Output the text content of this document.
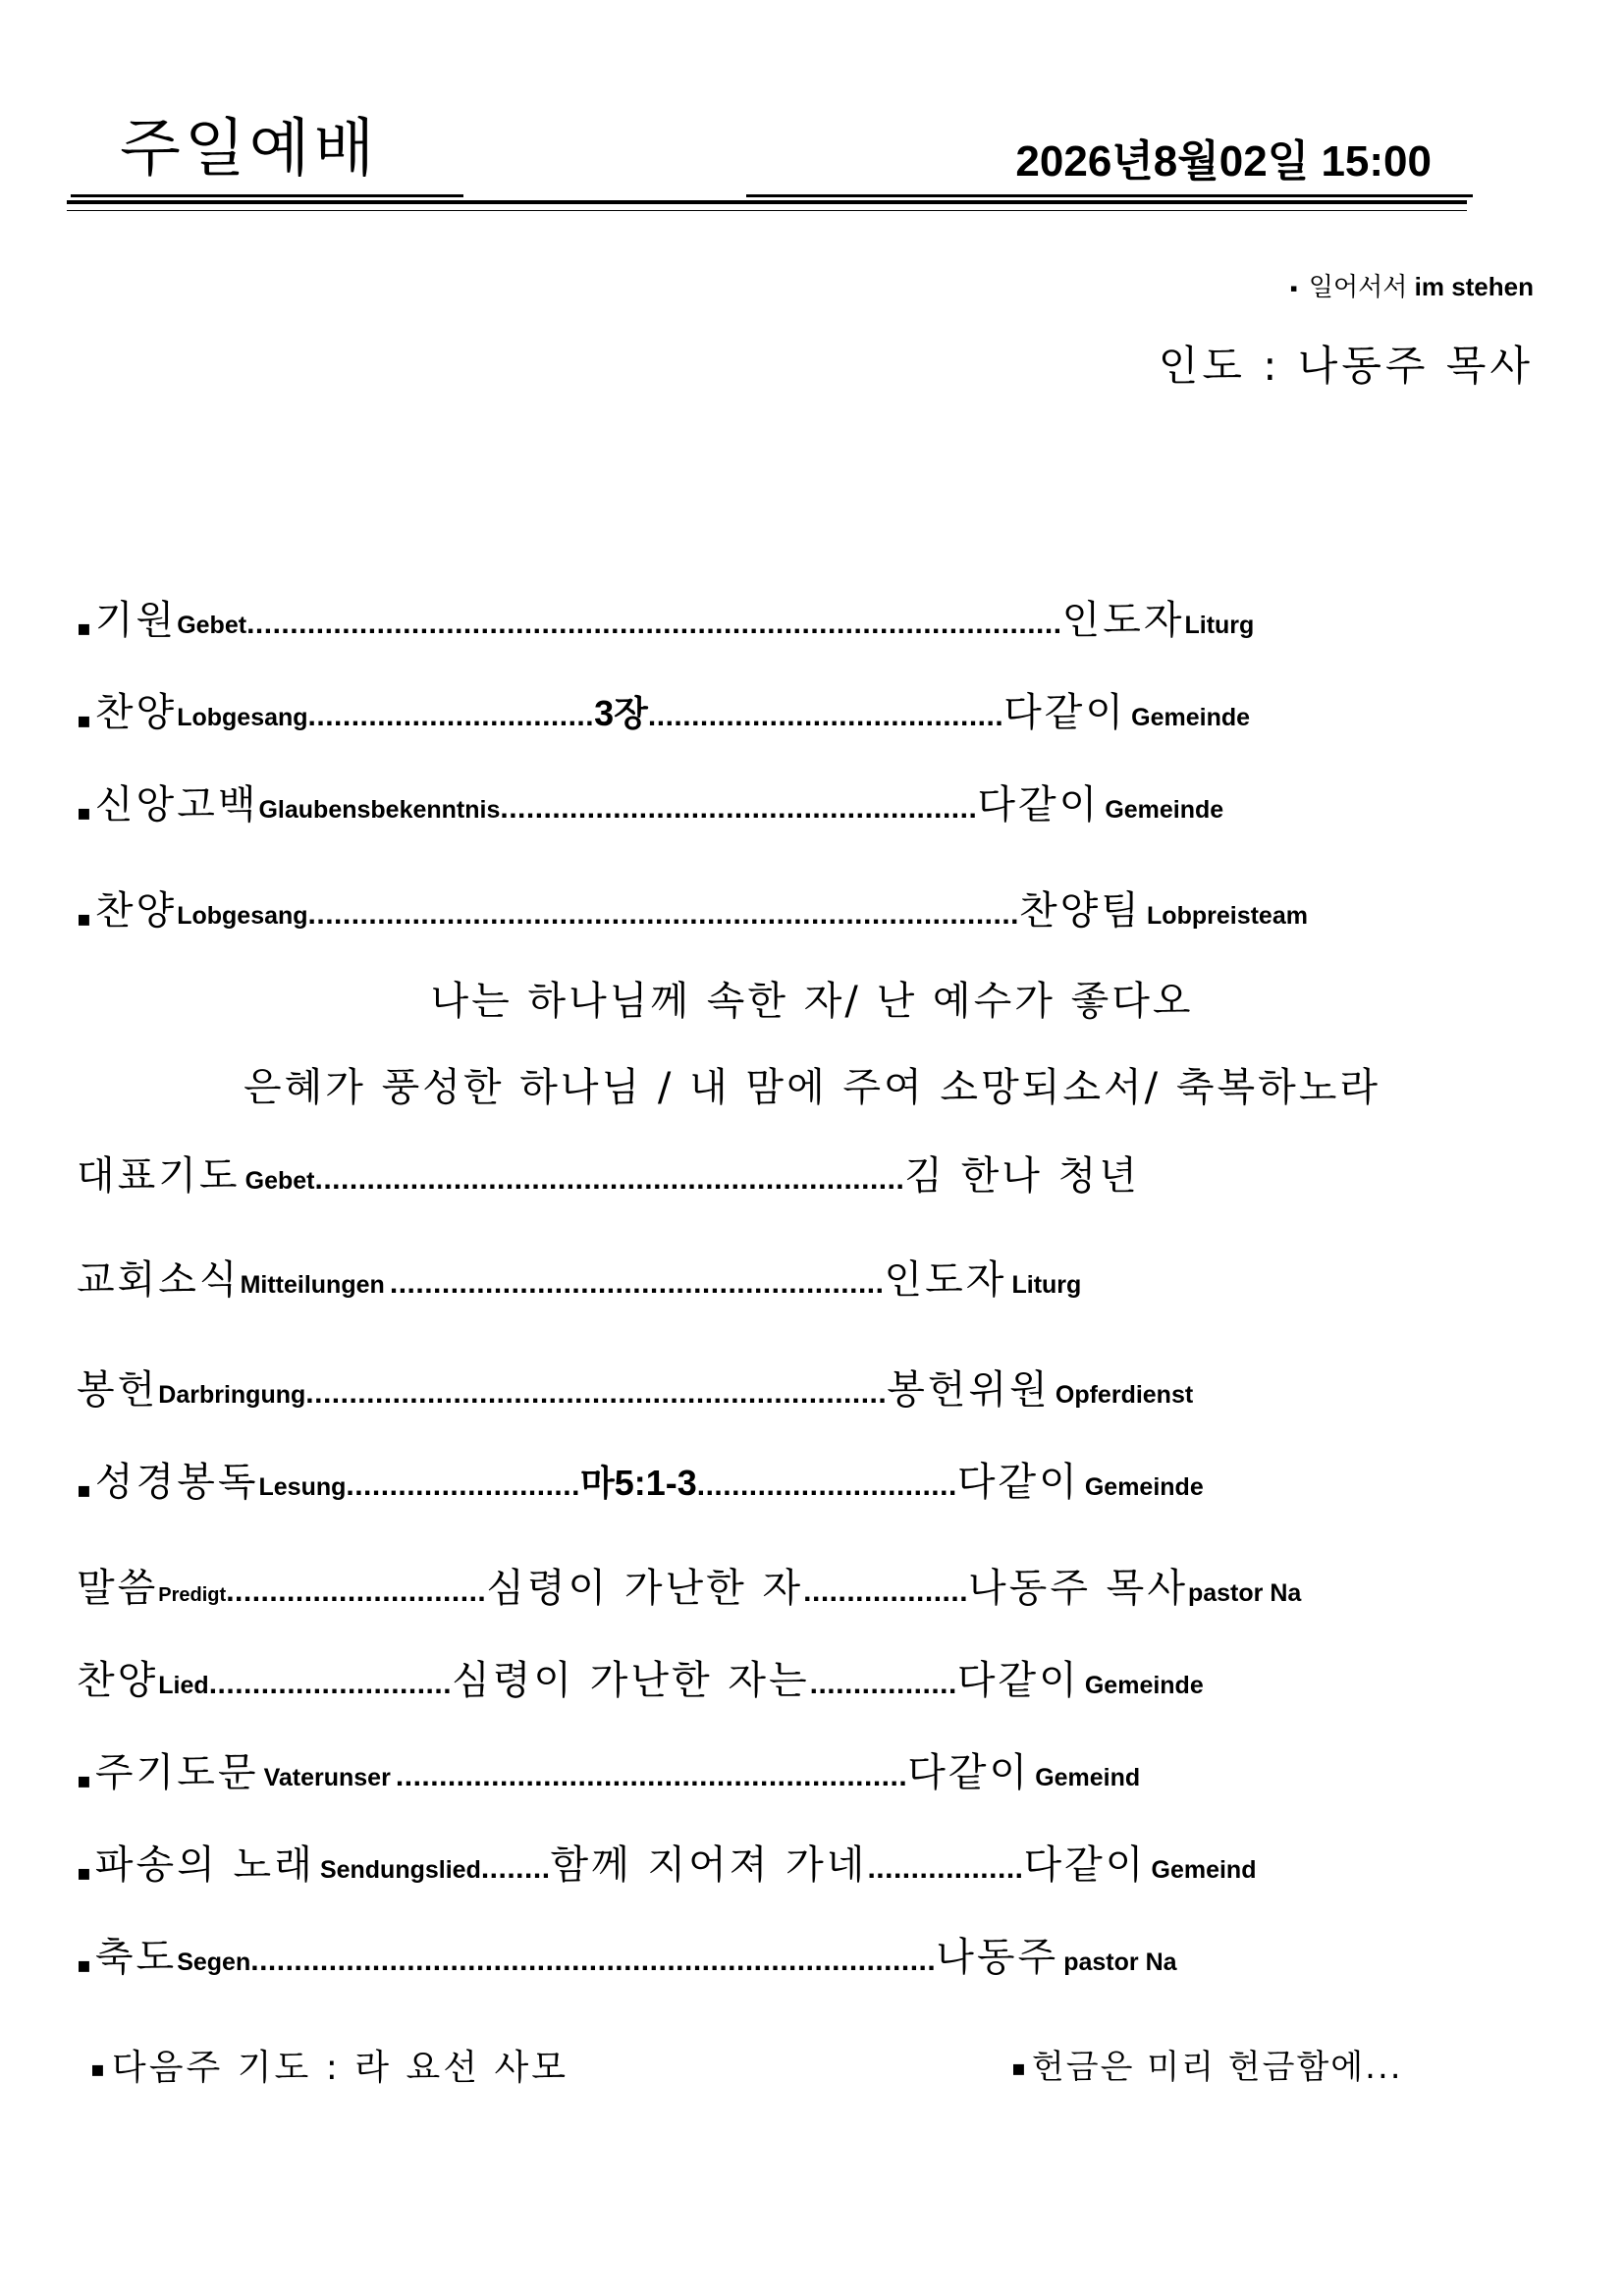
주일예배	2026년8월02일 15:00
▪ 일어서서 im stehen
인도 : 나동주 목사
▪ 기원Gebet..............................................................................................인도자Liturg
▪ 찬양Lobgesang.................................3장.........................................다같이 Gemeinde
▪ 신앙고백Glaubensbekenntnis.......................................................다같이 Gemeinde
▪ 찬양Lobgesang..................................................................................찬양팀 Lobpreisteam
나는 하나님께 속한 자/ 난 예수가 좋다오
은혜가 풍성한 하나님 / 내 맘에 주여 소망되소서/ 축복하노라
대표기도 Gebet....................................................................김 한나 청년
교회소식Mitteilungen .........................................................인도자 Liturg
봉헌Darbringung...................................................................봉헌위원 Opferdienst
▪ 성경봉독Lesung...........................마5:1-3..............................다같이 Gemeinde
말씀Predigt..............................심령이 가난한 자...................나동주 목사pastor Na
찬양Lied............................심령이 가난한 자는.................다같이 Gemeinde
▪ 주기도문 Vaterunser ...........................................................다같이 Gemeind
▪ 파송의 노래 Sendungslied........함께 지어져 가네..................다같이 Gemeind
▪ 축도Segen...............................................................................나동주 pastor Na
▪ 다음주 기도 : 라 요선 사모	▪ 헌금은 미리 헌금함에...
